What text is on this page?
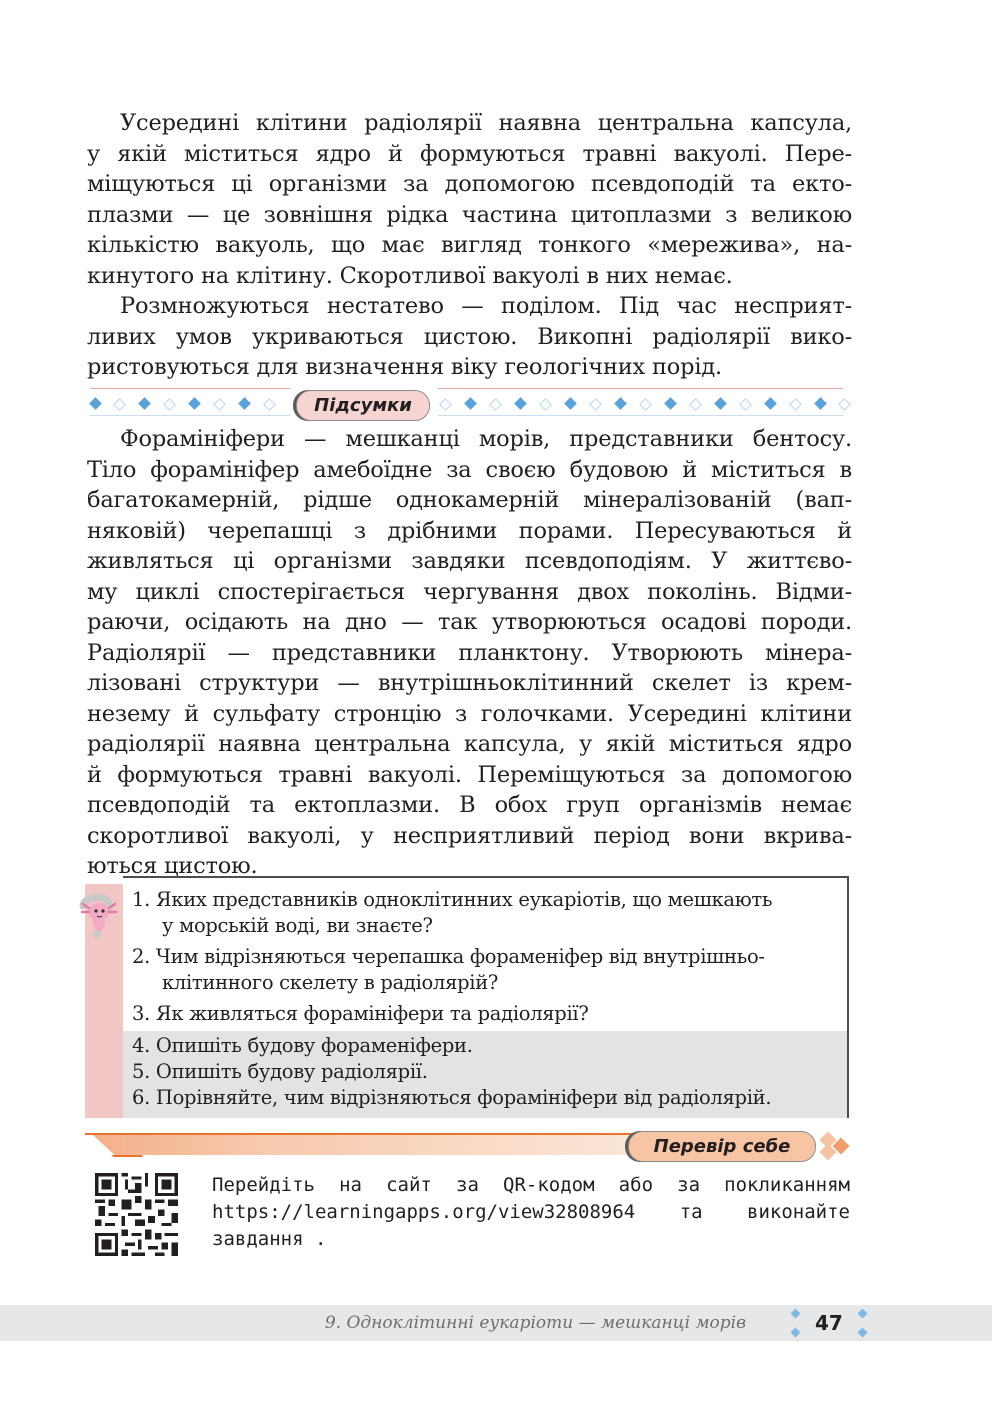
Усередині клітини радіолярії наявна центральна капсула,
у якій міститься ядро й формуються травні вакуолі. Пере-
міщуються ці організми за допомогою псевдоподій та екто-
плазми — це зовнішня рідка частина цитоплазми з великою
кількістю вакуоль, що має вигляд тонкого «мережива», на-
кинутого на клітину. Скоротливої вакуолі в них немає.

Розмножуються нестатево — поділом. Під час несприят-
ливих умов укриваються цистою. Викопні радіолярії вико-
ристовуються для визначення віку геологічних порід.

Підсумки

Форамініфери — мешканці морів, представники бентосу.
Тіло форамініфер амебоїдне за своєю будовою й міститься в
багатокамерній, рідше однокамерній мінералізованій (вап-
няковій) черепашці з дрібними порами. Пересуваються й
живляться ці організми завдяки псевдоподіям. У життєво-
му циклі спостерігається чергування двох поколінь. Відми-
раючи, осідають на дно — так утворюються осадові породи.
Радіолярії — представники планктону. Утворюють мінера-
лізовані структури — внутрішньоклітинний скелет із крем-
незему й сульфату стронцію з голочками. Усередині клітини
радіолярії наявна центральна капсула, у якій міститься ядро
й формуються травні вакуолі. Переміщуються за допомогою
псевдоподій та ектоплазми. В обох груп організмів немає
скоротливої вакуолі, у несприятливий період вони вкрива-
ються цистою.

1. Яких представників одноклітинних еукаріотів, що мешкають
у морській воді, ви знаєте?
2. Чим відрізняються черепашка фораменіфер від внутрішньо-
клітинного скелету в радіолярій?
3. Як живляться форамініфери та радіолярії?
4. Опишіть будову фораменіфери.
5. Опишіть будову радіолярії.
6. Порівняйте, чим відрізняються форамініфери від радіолярій.
Перевір себе

Перейдіть на сайт за QR-кодом або за покликанням
https://learningapps.org/view32808964 та виконайте
завдання .

9. Одноклітинні еукаріоти — мешканці морів	47
